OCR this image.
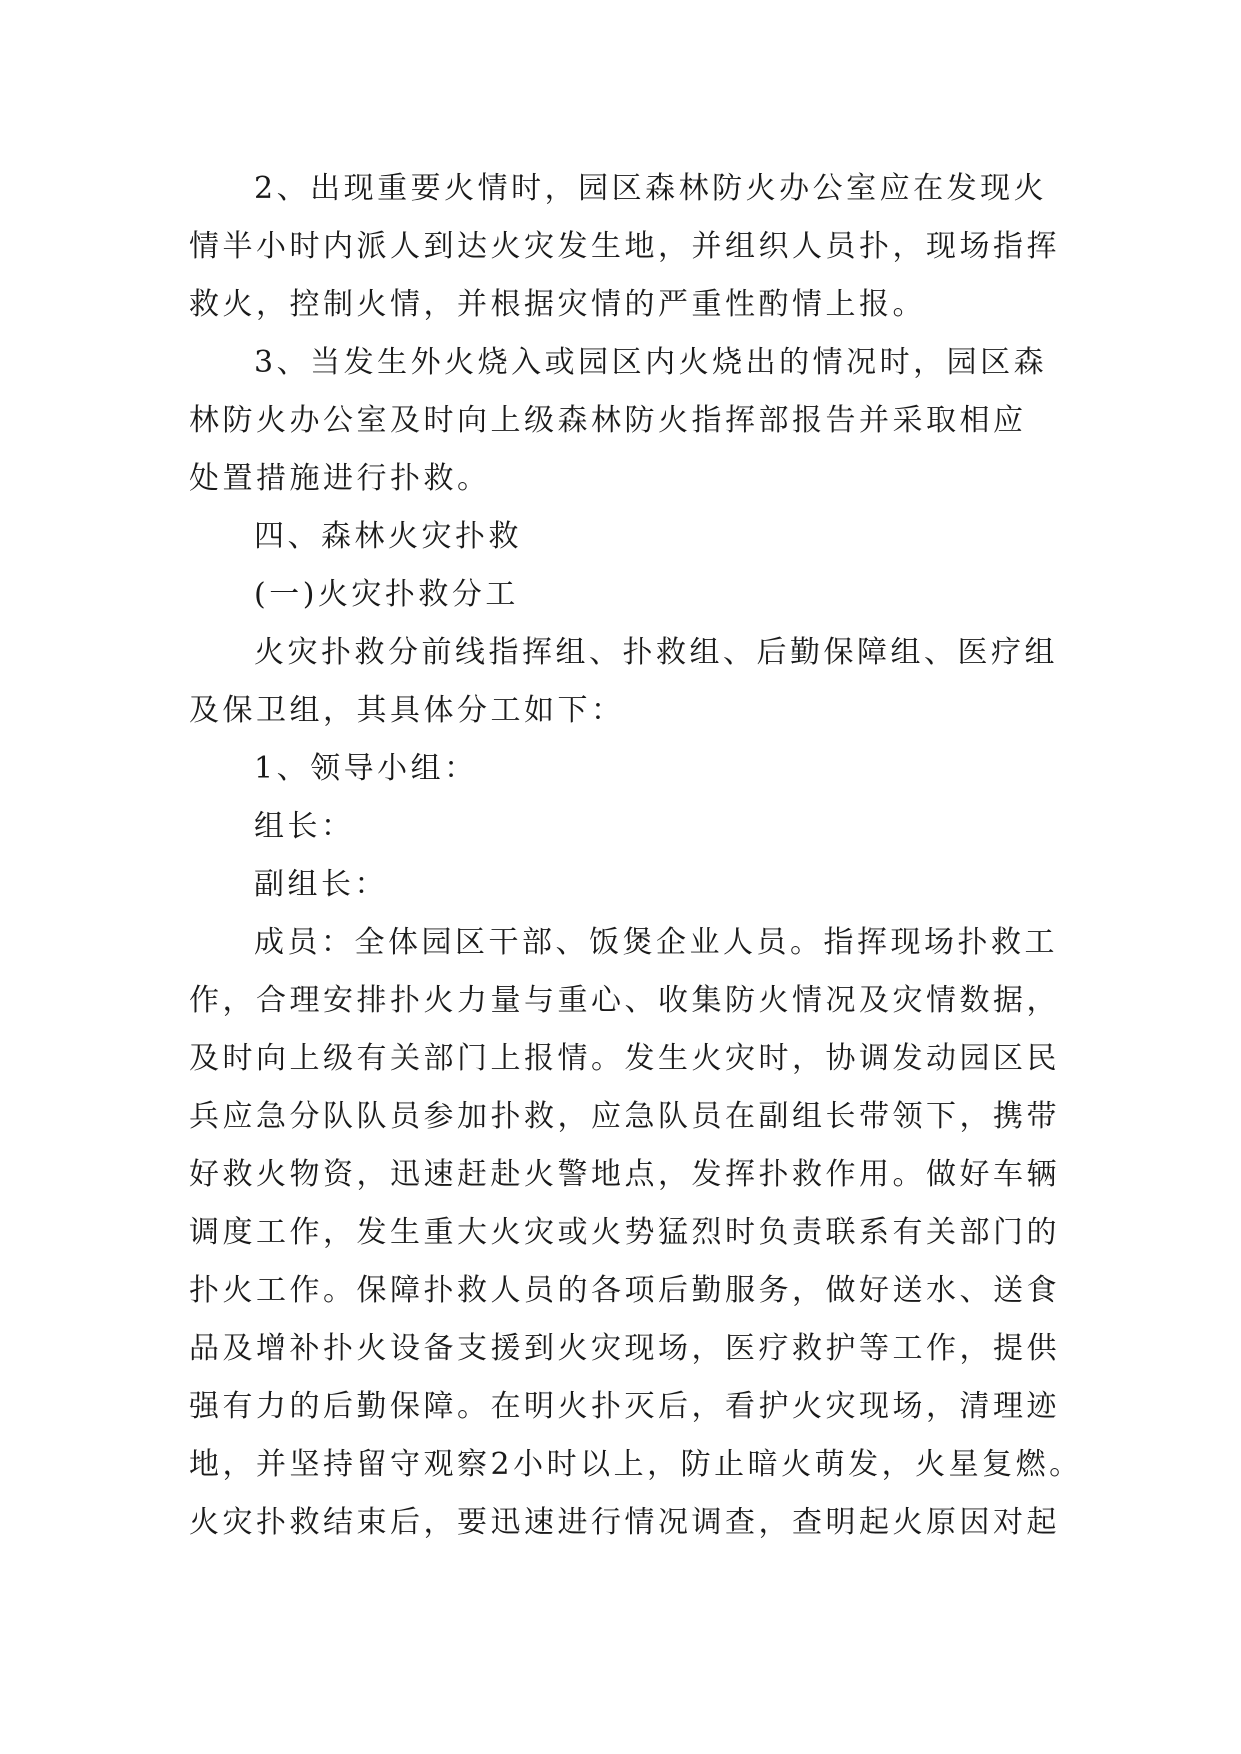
2、出现重要火情时，园区森林防火办公室应在发现火
情半小时内派人到达火灾发生地，并组织人员扑，现场指挥
救火，控制火情，并根据灾情的严重性酌情上报。

3、当发生外火烧入或园区内火烧出的情况时，园区森
林防火办公室及时向上级森林防火指挥部报告并采取相应
处置措施进行扑救。

四、森林火灾扑救

(一)火灾扑救分工

火灾扑救分前线指挥组、扑救组、后勤保障组、医疗组
及保卫组，其具体分工如下：

1、领导小组：

组长：

副组长：

成员：全体园区干部、饭煲企业人员。指挥现场扑救工
作，合理安排扑火力量与重心、收集防火情况及灾情数据，
及时向上级有关部门上报情。发生火灾时，协调发动园区民
兵应急分队队员参加扑救，应急队员在副组长带领下，携带
好救火物资，迅速赶赴火警地点，发挥扑救作用。做好车辆
调度工作，发生重大火灾或火势猛烈时负责联系有关部门的
扑火工作。保障扑救人员的各项后勤服务，做好送水、送食
品及增补扑火设备支援到火灾现场，医疗救护等工作，提供
强有力的后勤保障。在明火扑灭后，看护火灾现场，清理迹
地，并坚持留守观察2小时以上，防止暗火萌发，火星复燃。
火灾扑救结束后，要迅速进行情况调查，查明起火原因对起
